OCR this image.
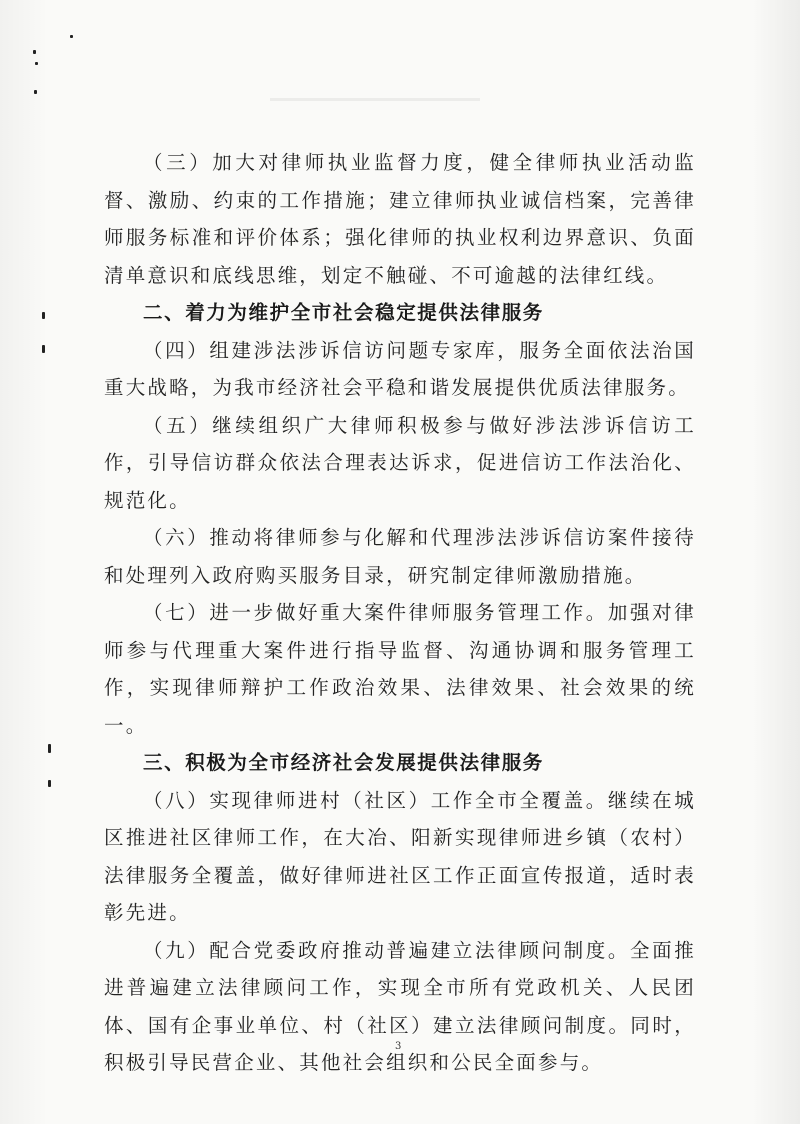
（三）加大对律师执业监督力度，健全律师执业活动监督、激励、约束的工作措施；建立律师执业诚信档案，完善律师服务标准和评价体系；强化律师的执业权利边界意识、负面清单意识和底线思维，划定不触碰、不可逾越的法律红线。

二、着力为维护全市社会稳定提供法律服务

（四）组建涉法涉诉信访问题专家库，服务全面依法治国重大战略，为我市经济社会平稳和谐发展提供优质法律服务。

（五）继续组织广大律师积极参与做好涉法涉诉信访工作，引导信访群众依法合理表达诉求，促进信访工作法治化、规范化。

（六）推动将律师参与化解和代理涉法涉诉信访案件接待和处理列入政府购买服务目录，研究制定律师激励措施。

（七）进一步做好重大案件律师服务管理工作。加强对律师参与代理重大案件进行指导监督、沟通协调和服务管理工作，实现律师辩护工作政治效果、法律效果、社会效果的统一。

三、积极为全市经济社会发展提供法律服务

（八）实现律师进村（社区）工作全市全覆盖。继续在城区推进社区律师工作，在大冶、阳新实现律师进乡镇（农村）法律服务全覆盖，做好律师进社区工作正面宣传报道，适时表彰先进。

（九）配合党委政府推动普遍建立法律顾问制度。全面推进普遍建立法律顾问工作，实现全市所有党政机关、人民团体、国有企事业单位、村（社区）建立法律顾问制度。同时，积极引导民营企业、其他社会组织和公民全面参与。

3
